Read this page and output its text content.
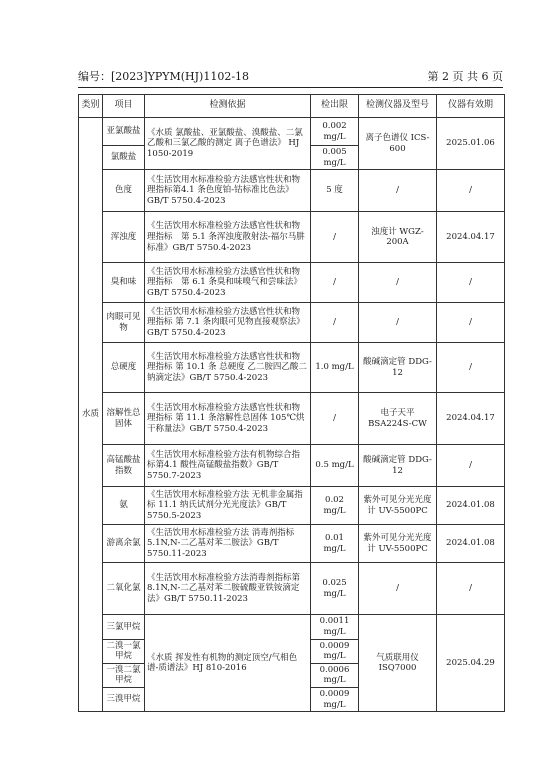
编号：[2023]YPYM(HJ)1102-18	第 2 页 共 6 页
类别	项目	检测依据	检出限	检测仪器及型号	仪器有效期
水质	亚氯酸盐	《水质 氯酸盐、亚氯酸盐、溴酸盐、二氯乙酸和三氯乙酸的测定 离子色谱法》 HJ 1050-2019	0.002 mg/L	离子色谱仪 ICS-600	2025.01.06
	氯酸盐		0.005 mg/L		
	色度	《生活饮用水标准检验方法感官性状和物理指标第4.1 条色度铂-钴标准比色法》GB/T 5750.4-2023	5 度	/	/
	浑浊度	《生活饮用水标准检验方法感官性状和物理指标　第 5.1 条浑浊度散射法-福尔马肼标准》GB/T 5750.4-2023	/	浊度计 WGZ-200A	2024.04.17
	臭和味	《生活饮用水标准检验方法感官性状和物理指标　第 6.1 条臭和味嗅气和尝味法》GB/T 5750.4-2023	/	/	/
	肉眼可见物	《生活饮用水标准检验方法感官性状和物理指标 第 7.1 条肉眼可见物直接观察法》GB/T 5750.4-2023	/	/	/
	总硬度	《生活饮用水标准检验方法感官性状和物理指标 第 10.1 条 总硬度 乙二胺四乙酸二钠滴定法》GB/T 5750.4-2023	1.0 mg/L	酸碱滴定管 DDG-12	/
	溶解性总固体	《生活饮用水标准检验方法感官性状和物理指标 第 11.1 条溶解性总固体 105℃烘干称量法》GB/T 5750.4-2023	/	电子天平 BSA224S-CW	2024.04.17
	高锰酸盐指数	《生活饮用水标准检验方法有机物综合指标第4.1 酸性高锰酸盐指数》GB/T 5750.7-2023	0.5 mg/L	酸碱滴定管 DDG-12	/
	氨	《生活饮用水标准检验方法 无机非金属指标 11.1 纳氏试剂分光光度法》GB/T 5750.5-2023	0.02 mg/L	紫外可见分光光度计 UV-5500PC	2024.01.08
	游离余氯	《生活饮用水标准检验方法 消毒剂指标 5.1N,N-二乙基对苯二胺法》GB/T 5750.11-2023	0.01 mg/L	紫外可见分光光度计 UV-5500PC	2024.01.08
	二氧化氯	《生活饮用水标准检验方法消毒剂指标第 8.1N,N-二乙基对苯二胺硫酸亚铁铵滴定法》GB/T 5750.11-2023	0.025 mg/L	/	/
	三氯甲烷	《水质 挥发性有机物的测定顶空/气相色谱-质谱法》HJ 810-2016	0.0011 mg/L	气质联用仪 ISQ7000	2025.04.29
	二溴一氯甲烷		0.0009 mg/L		
	一溴二氯甲烷		0.0006 mg/L		
	三溴甲烷		0.0009 mg/L		
